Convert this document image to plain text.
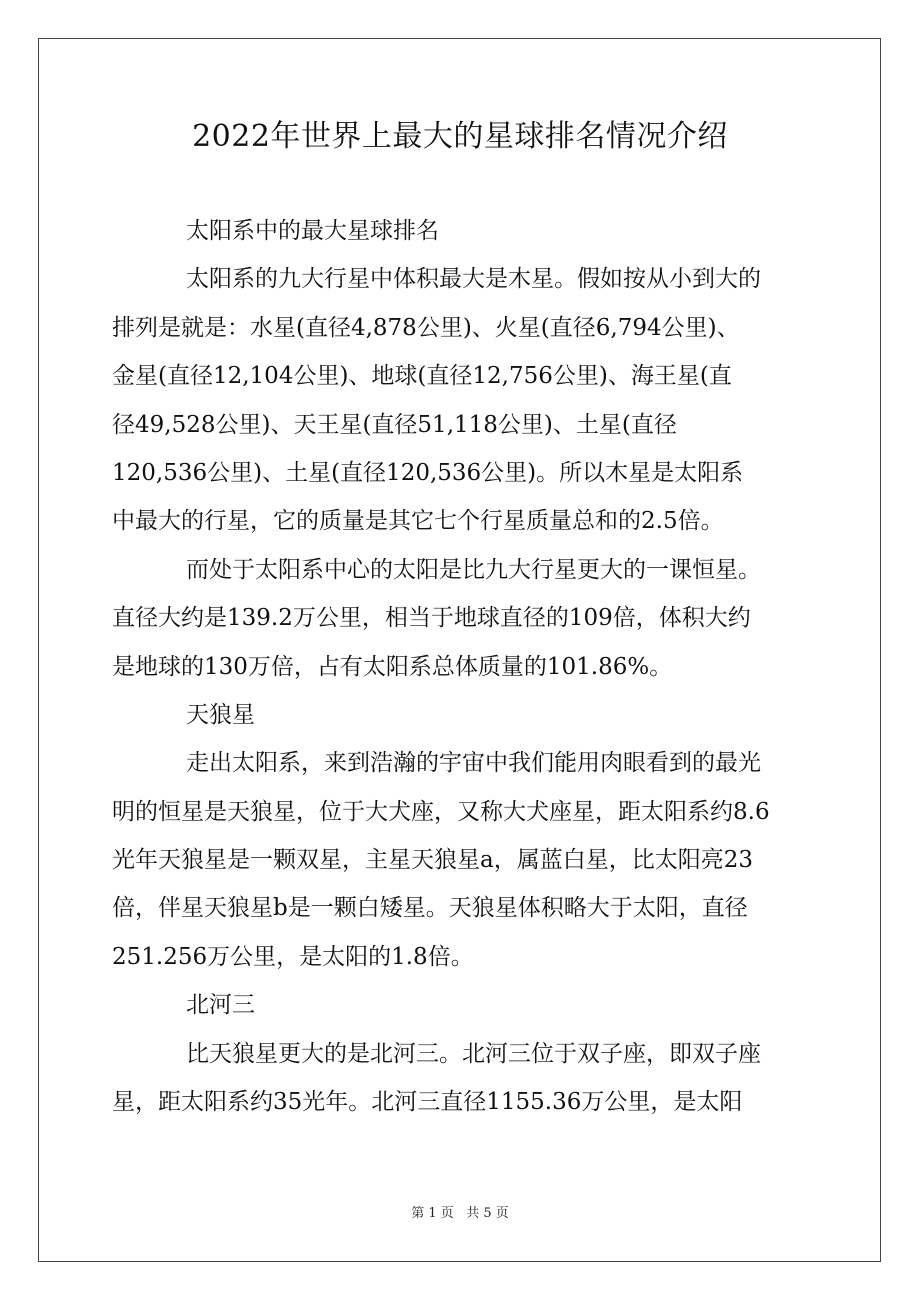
2022年世界上最大的星球排名情况介绍
太阳系中的最大星球排名
太阳系的九大行星中体积最大是木星。假如按从小到大的
排列是就是：水星(直径4,878公里)、火星(直径6,794公里)、
金星(直径12,104公里)、地球(直径12,756公里)、海王星(直
径49,528公里)、天王星(直径51,118公里)、土星(直径
120,536公里)、土星(直径120,536公里)。所以木星是太阳系
中最大的行星，它的质量是其它七个行星质量总和的2.5倍。
而处于太阳系中心的太阳是比九大行星更大的一课恒星。
直径大约是139.2万公里，相当于地球直径的109倍，体积大约
是地球的130万倍，占有太阳系总体质量的101.86%。
天狼星
走出太阳系，来到浩瀚的宇宙中我们能用肉眼看到的最光
明的恒星是天狼星，位于大犬座，又称大犬座星，距太阳系约8.6
光年天狼星是一颗双星，主星天狼星a，属蓝白星，比太阳亮23
倍，伴星天狼星b是一颗白矮星。天狼星体积略大于太阳，直径
251.256万公里，是太阳的1.8倍。
北河三
比天狼星更大的是北河三。北河三位于双子座，即双子座
星，距太阳系约35光年。北河三直径1155.36万公里，是太阳
第 1 页 共 5 页
